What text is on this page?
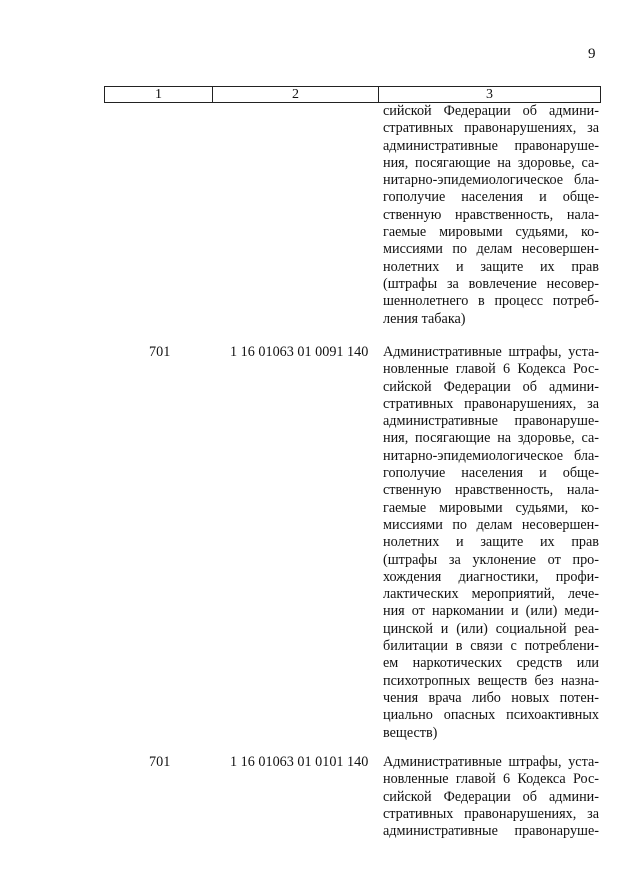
9
1	2	3
сийской Федерации об админи-
стративных правонарушениях, за
административные правонаруше-
ния, посягающие на здоровье, са-
нитарно-эпидемиологическое бла-
гополучие населения и обще-
ственную нравственность, нала-
гаемые мировыми судьями, ко-
миссиями по делам несовершен-
нолетних и защите их прав
(штрафы за вовлечение несовер-
шеннолетнего в процесс потреб-
ления табака)
701	1 16 01063 01 0091 140 Административные штрафы, уста-
новленные главой 6 Кодекса Рос-
сийской Федерации об админи-
стративных правонарушениях, за
административные правонаруше-
ния, посягающие на здоровье, са-
нитарно-эпидемиологическое бла-
гополучие населения и обще-
ственную нравственность, нала-
гаемые мировыми судьями, ко-
миссиями по делам несовершен-
нолетних и защите их прав
(штрафы за уклонение от про-
хождения диагностики, профи-
лактических мероприятий, лече-
ния от наркомании и (или) меди-
цинской и (или) социальной реа-
билитации в связи с потреблени-
ем наркотических средств или
психотропных веществ без назна-
чения врача либо новых потен-
циально опасных психоактивных
веществ)
701	1 16 01063 01 0101 140 Административные штрафы, уста-
новленные главой 6 Кодекса Рос-
сийской Федерации об админи-
стративных правонарушениях, за
административные правонаруше-
